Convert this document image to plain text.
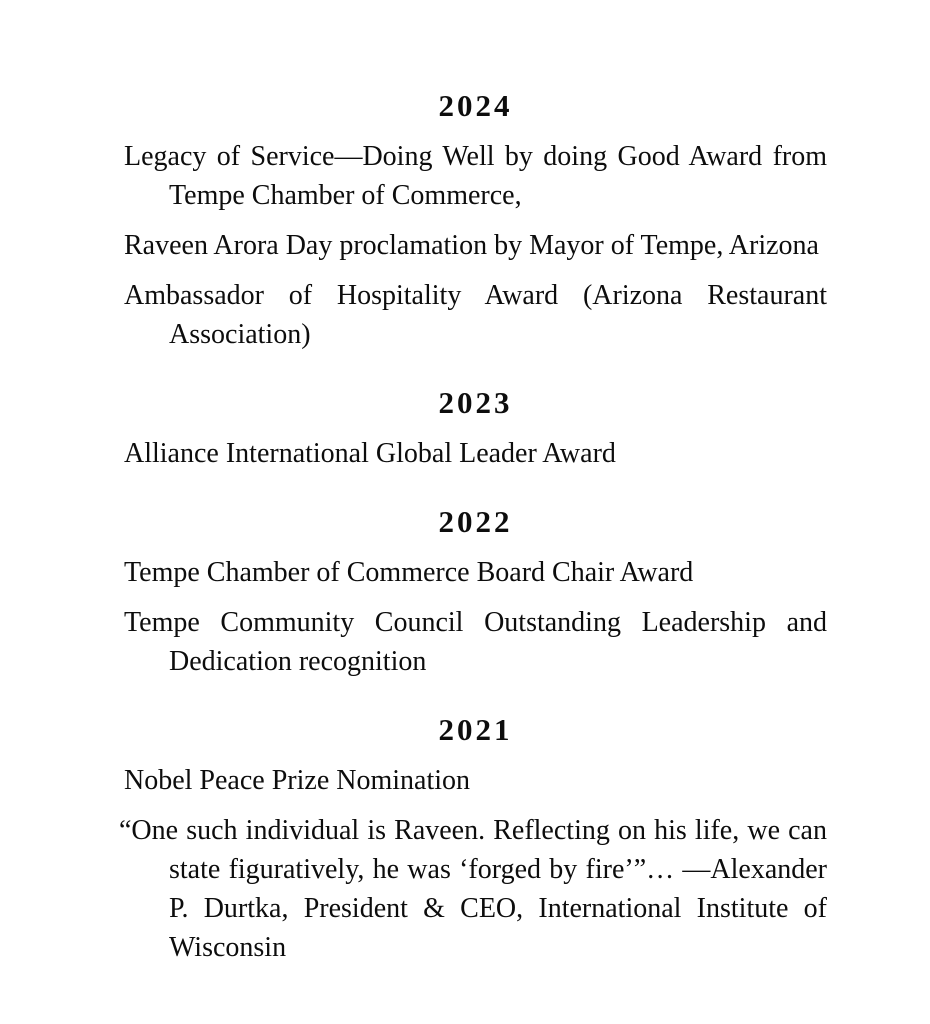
2024

Legacy of Service—Doing Well by doing Good Award from Tempe Chamber of Commerce,

Raveen Arora Day proclamation by Mayor of Tempe, Arizona

Ambassador of Hospitality Award (Arizona Restaurant Association)

2023

Alliance International Global Leader Award

2022

Tempe Chamber of Commerce Board Chair Award

Tempe Community Council Outstanding Leadership and Dedication recognition

2021

Nobel Peace Prize Nomination

“One such individual is Raveen. Reflecting on his life, we can state figuratively, he was ‘forged by fire’”… —Alexander P. Durtka, President & CEO, International Institute of Wisconsin
